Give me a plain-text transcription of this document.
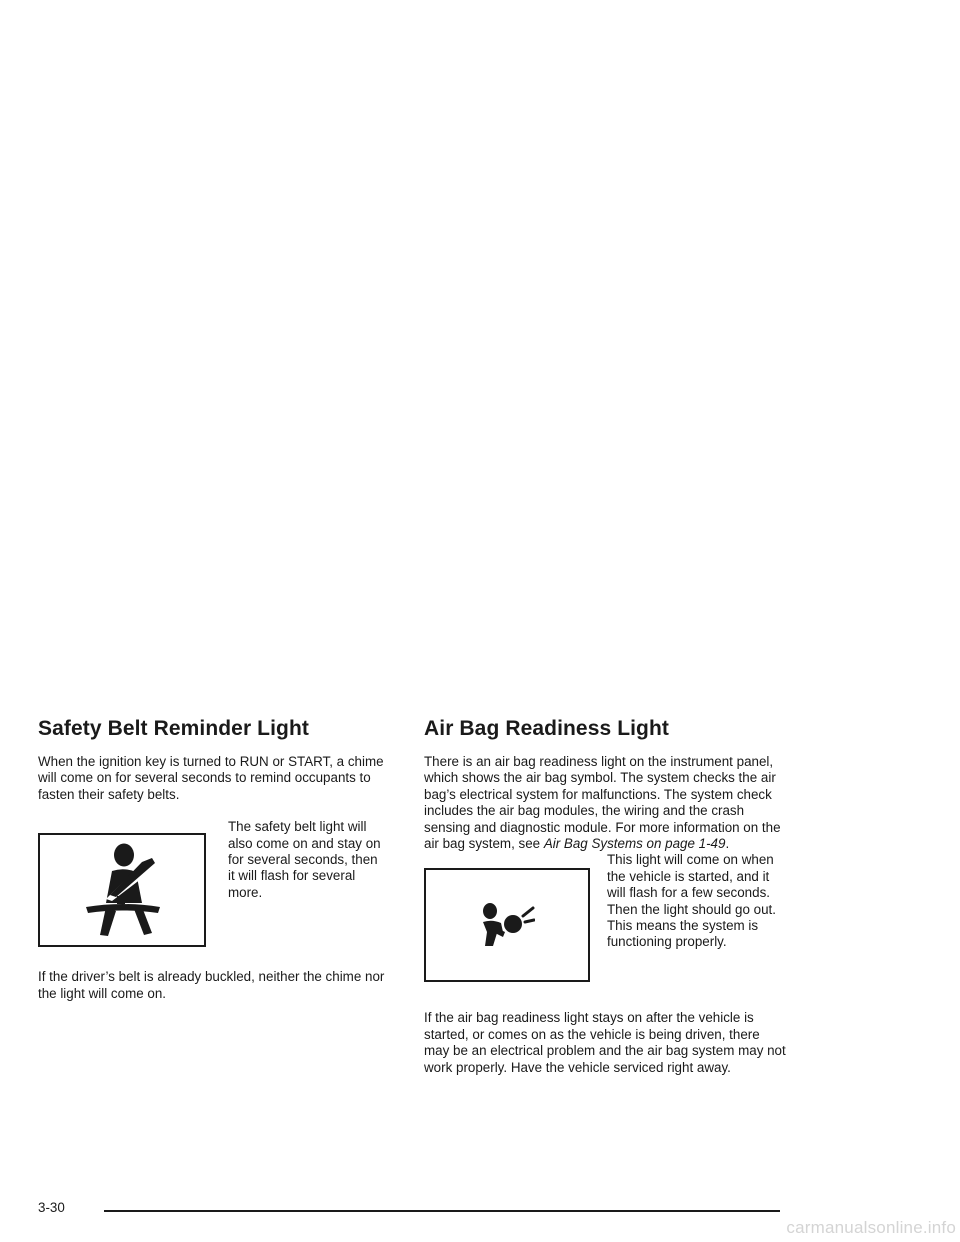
Safety Belt Reminder Light

When the ignition key is turned to RUN or START, a chime will come on for several seconds to remind occupants to fasten their safety belts.

The safety belt light will also come on and stay on for several seconds, then it will flash for several more.

If the driver’s belt is already buckled, neither the chime nor the light will come on.

Air Bag Readiness Light

There is an air bag readiness light on the instrument panel, which shows the air bag symbol. The system checks the air bag’s electrical system for malfunctions. The system check includes the air bag modules, the wiring and the crash sensing and diagnostic module. For more information on the air bag system, see Air Bag Systems on page 1-49.

This light will come on when the vehicle is started, and it will flash for a few seconds. Then the light should go out. This means the system is functioning properly.

If the air bag readiness light stays on after the vehicle is started, or comes on as the vehicle is being driven, there may be an electrical problem and the air bag system may not work properly. Have the vehicle serviced right away.

3-30
carmanualsonline.info
